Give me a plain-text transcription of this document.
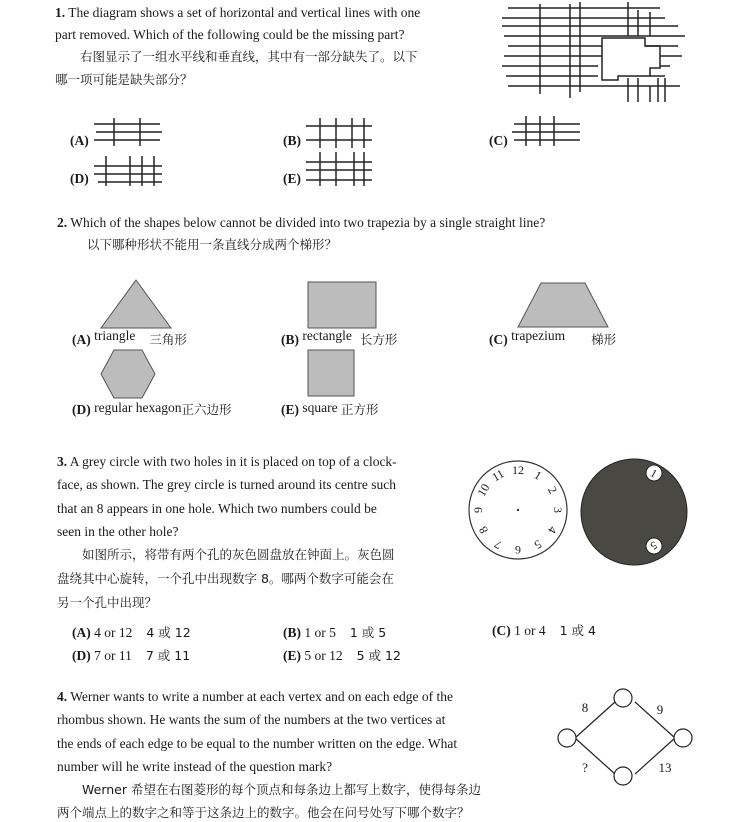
1. The diagram shows a set of horizontal and vertical lines with one
part removed. Which of the following could be the missing part?
右图显示了一组水平线和垂直线，其中有一部分缺失了。以下
哪一项可能是缺失部分？
(A)	(B)	(C)
(D)	(E)
2. Which of the shapes below cannot be divided into two trapezia by a single straight line?
以下哪种形状不能用一条直线分成两个梯形？
(A) triangle 三角形	(B) rectangle 长方形	(C) trapezium 梯形
(D) regular hexagon正六边形	(E) square 正方形
3. A grey circle with two holes in it is placed on top of a clock-
face, as shown. The grey circle is turned around its centre such
that an 8 appears in one hole. Which two numbers could be
seen in the other hole?
如图所示，将带有两个孔的灰色圆盘放在钟面上。灰色圆
盘绕其中心旋转，一个孔中出现数字 8。哪两个数字可能会在
另一个孔中出现？
12 1
2
3
4
5
6
7
8
9
10
11	1
5
(A) 4 or 12 4 或 12	(B) 1 or 5 1 或 5	(C) 1 or 4 1 或 4
(D) 7 or 11 7 或 11	(E) 5 or 12 5 或 12
4. Werner wants to write a number at each vertex and on each edge of the
rhombus shown. He wants the sum of the numbers at the two vertices at
the ends of each edge to be equal to the number written on the edge. What
number will he write instead of the question mark?
Werner 希望在右图菱形的每个顶点和每条边上都写上数字，使得每条边
两个端点上的数字之和等于这条边上的数字。他会在问号处写下哪个数字？
8	9
?	13
